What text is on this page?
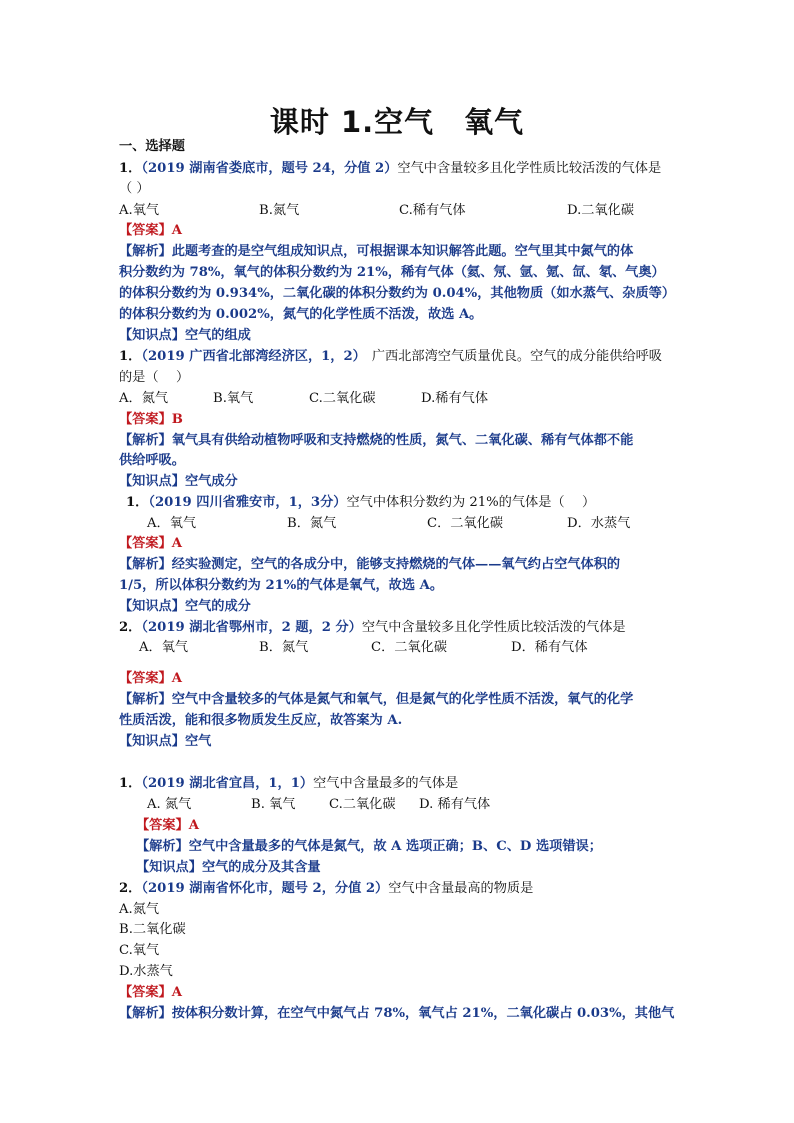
课时 1.空气　氧气
一、选择题
1．（2019 湖南省娄底市，题号 24，分值 2）空气中含量较多且化学性质比较活泼的气体是
（ ）
A.氧气	B.氮气	C.稀有气体	D.二氧化碳
【答案】A
【解析】此题考查的是空气组成知识点，可根据课本知识解答此题。空气里其中氮气的体
积分数约为 78%，氧气的体积分数约为 21%，稀有气体（氦、氖、氩、氪、氙、氡、气奥）
的体积分数约为 0.934%，二氧化碳的体积分数约为 0.04%，其他物质（如水蒸气、杂质等）
的体积分数约为 0.002%，氮气的化学性质不活泼，故选 A。
【知识点】空气的组成
1．（2019 广西省北部湾经济区，1，2） 广西北部湾空气质量优良。空气的成分能供给呼吸
的是（　 ）
A．氮气	B.氧气	C.二氧化碳	D.稀有气体
【答案】B
【解析】氧气具有供给动植物呼吸和支持燃烧的性质，氮气、二氧化碳、稀有气体都不能
供给呼吸。
【知识点】空气成分
1．（2019 四川省雅安市，1，3分）空气中体积分数约为 21%的气体是（　 ）
A．氧气	B．氮气	C．二氧化碳	D．水蒸气
【答案】A
【解析】经实验测定，空气的各成分中，能够支持燃烧的气体——氧气约占空气体积的
1/5，所以体积分数约为 21%的气体是氧气，故选 A。
【知识点】空气的成分
2．（2019 湖北省鄂州市，2 题，2 分）空气中含量较多且化学性质比较活泼的气体是
A．氧气	B．氮气	C．二氧化碳	D．稀有气体
【答案】A
【解析】空气中含量较多的气体是氮气和氧气，但是氮气的化学性质不活泼，氧气的化学
性质活泼，能和很多物质发生反应，故答案为 A.
【知识点】空气
1．（2019 湖北省宜昌，1，1）空气中含量最多的气体是
A. 氮气	B. 氧气	C.二氧化碳 D. 稀有气体
【答案】A
【解析】空气中含量最多的气体是氮气，故 A 选项正确；B、C、D 选项错误；
【知识点】空气的成分及其含量
2．（2019 湖南省怀化市，题号 2，分值 2）空气中含量最高的物质是
A.氮气
B.二氧化碳
C.氧气
D.水蒸气
【答案】A
【解析】按体积分数计算，在空气中氮气占 78%，氧气占 21%，二氧化碳占 0.03%，其他气
